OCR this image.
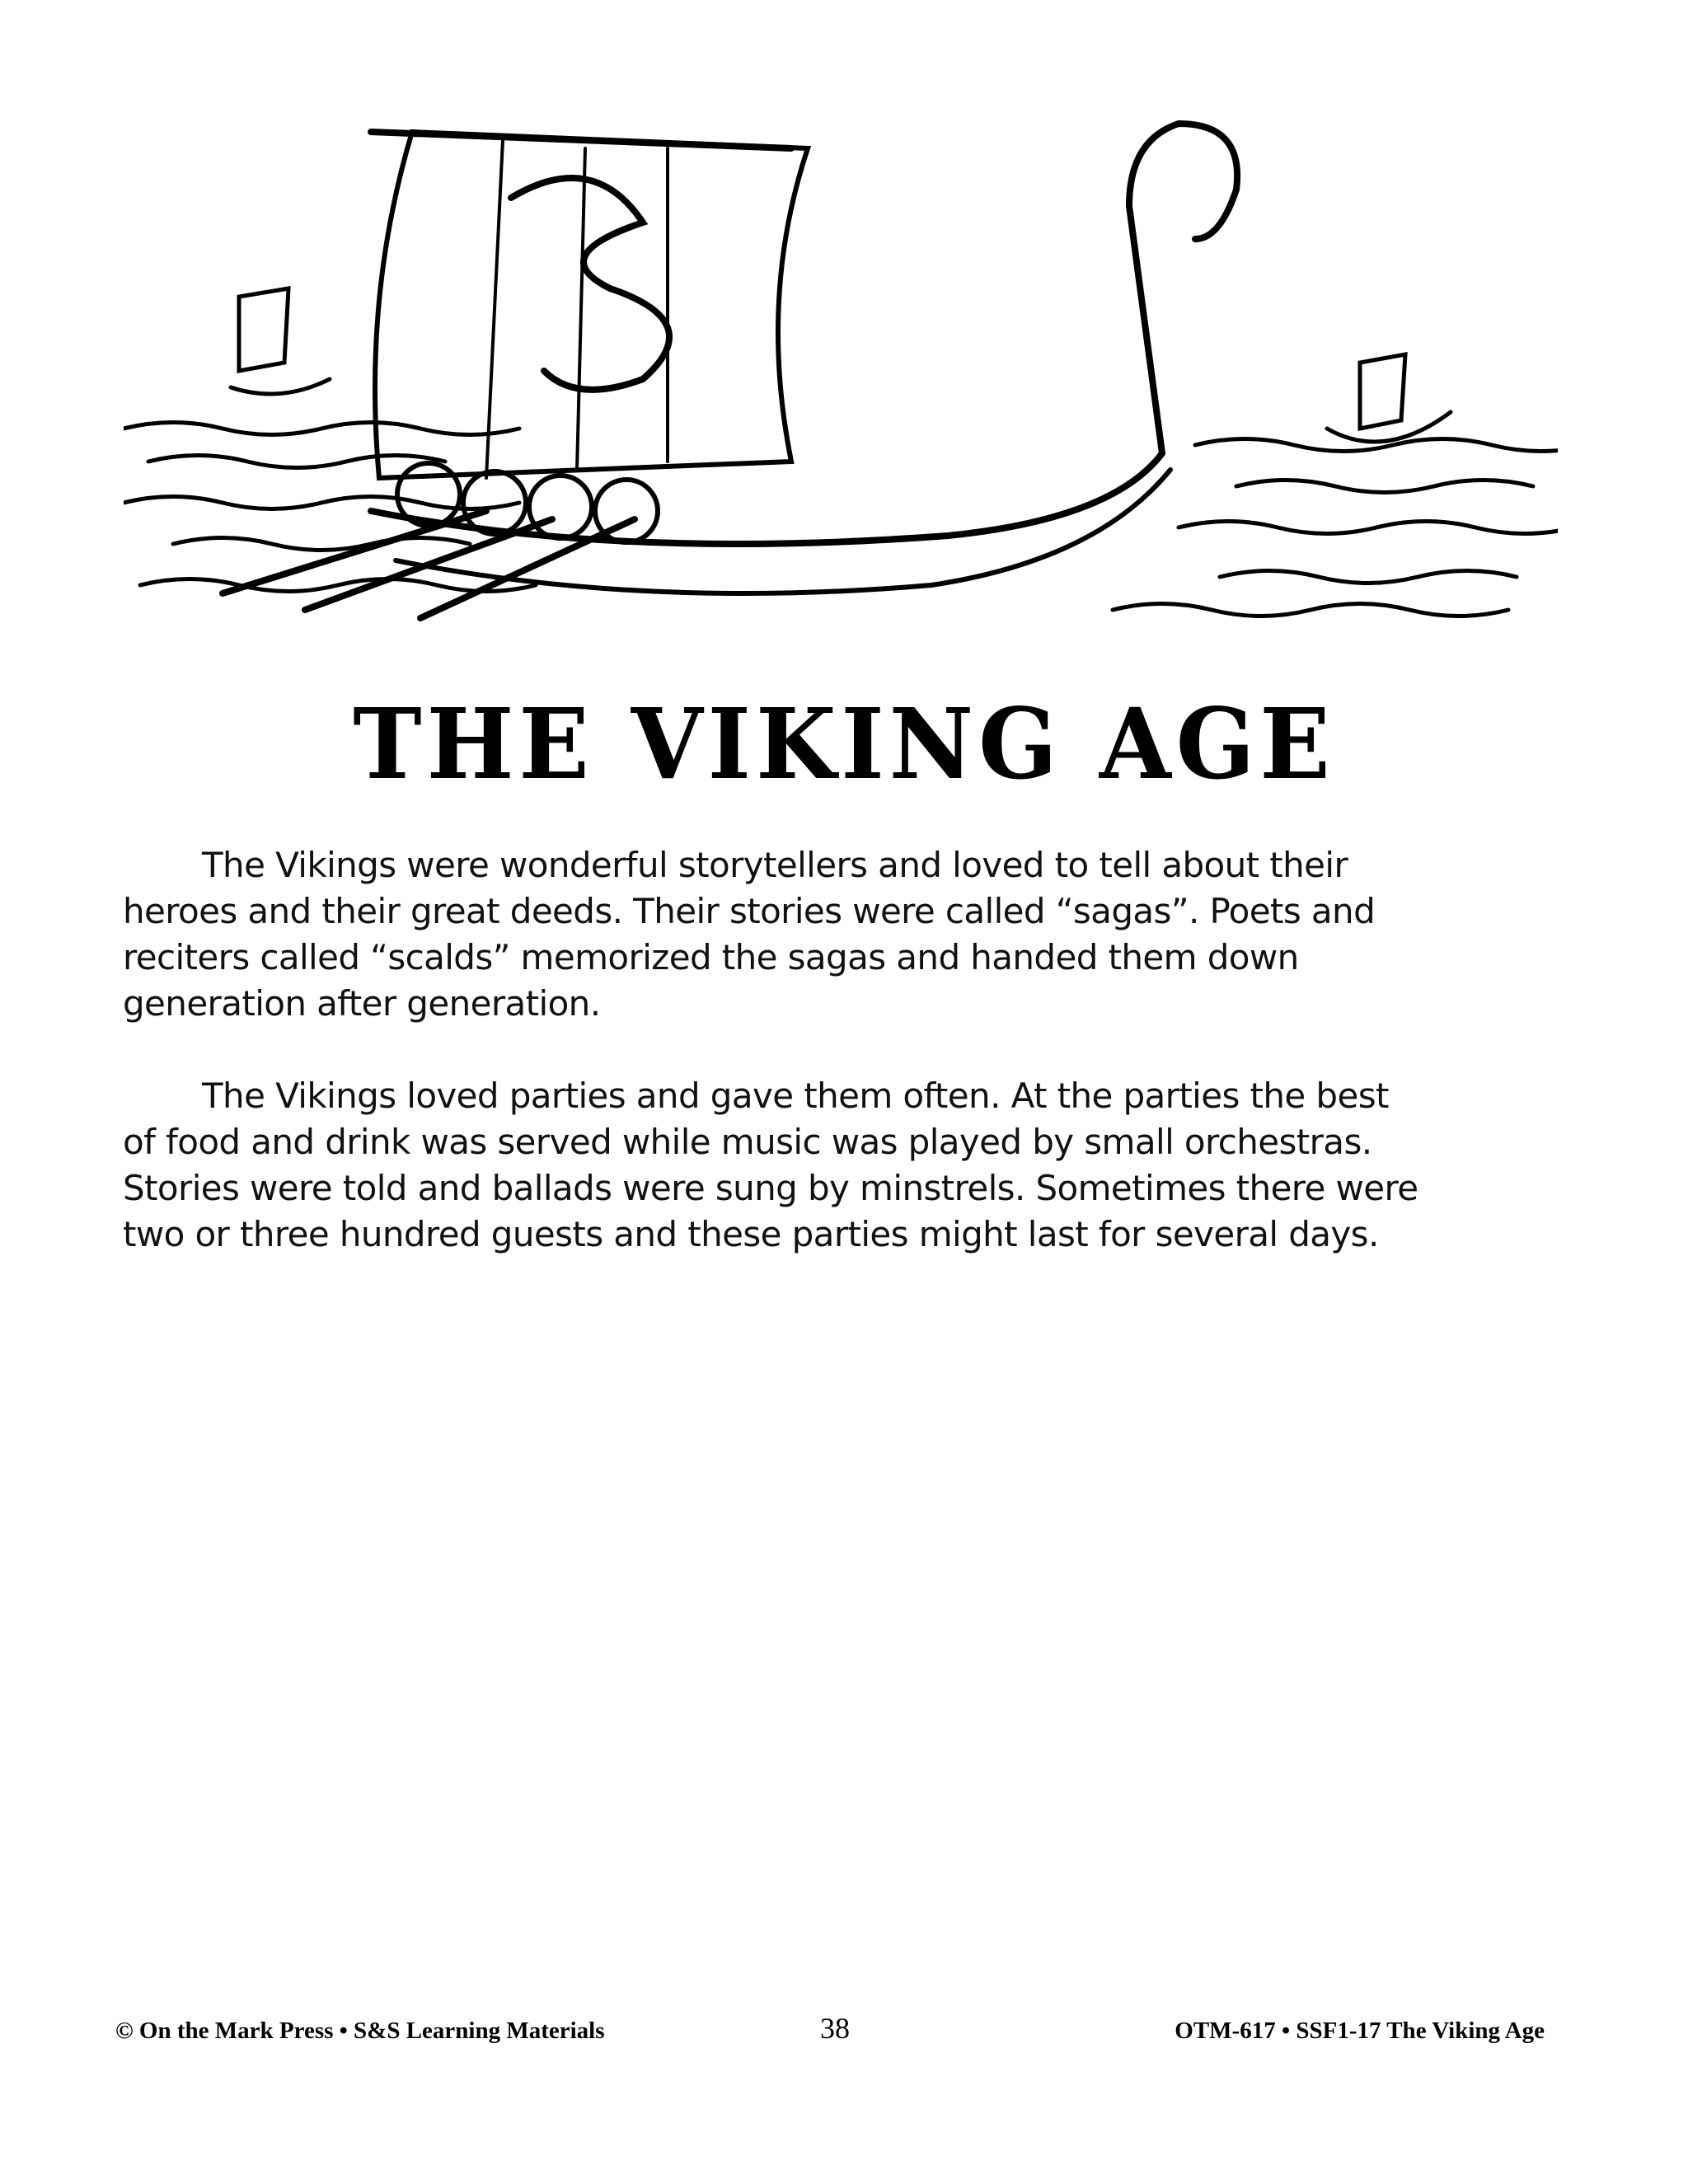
THE VIKING AGE
The Vikings were wonderful storytellers and loved to tell about their
heroes and their great deeds. Their stories were called “sagas”. Poets and
reciters called “scalds” memorized the sagas and handed them down
generation after generation.
The Vikings loved parties and gave them often. At the parties the best
of food and drink was served while music was played by small orchestras.
Stories were told and ballads were sung by minstrels. Sometimes there were
two or three hundred guests and these parties might last for several days.
© On the Mark Press • S&S Learning Materials	38	OTM-617 • SSF1-17 The Viking Age
